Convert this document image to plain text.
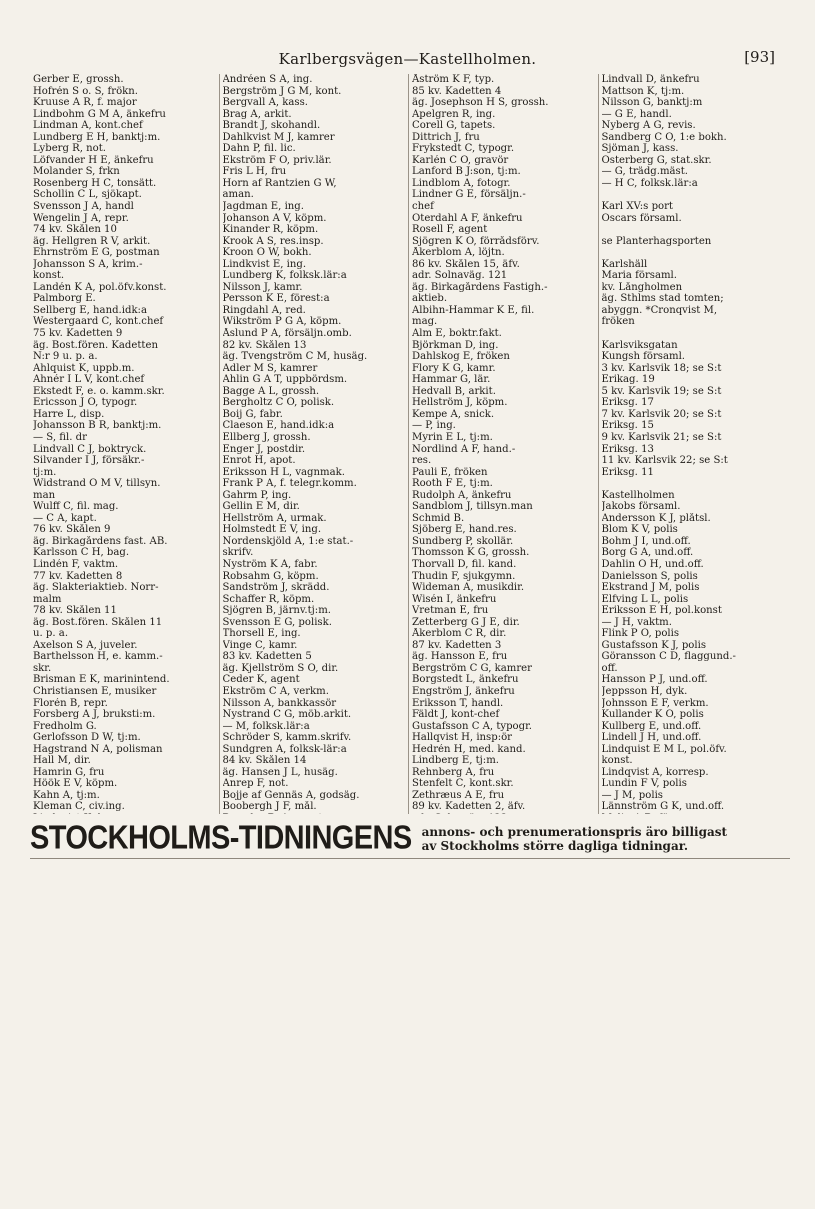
Karlbergsvägen—Kastellholmen.	[93]
Gerber E, grossh.
Hofrén S o. S, frökn.
Kruuse A R, f. major
Lindbohm G M A, änkefru
Lindman A, kont.chef
Lundberg E H, banktj:m.
Lyberg R, not.
Löfvander H E, änkefru
Molander S, frkn
Rosenberg H C, tonsätt.
Schollin C L, sjökapt.
Svensson J A, handl
Wengelin J A, repr.
74 kv. Skålen 10
äg. Hellgren R V, arkit.
Ehrnström E G, postman
Johansson S A, krim.-
konst.
Landén K A, pol.öfv.konst.
Palmborg E.
Sellberg E, hand.idk:a
Westergaard C, kont.chef
75 kv. Kadetten 9
äg. Bost.fören. Kadetten
N:r 9 u. p. a.
Ahlquist K, uppb.m.
Ahnér I L V, kont.chef
Ekstedt F, e. o. kamm.skr.
Ericsson J O, typogr.
Harre L, disp.
Johansson B R, banktj:m.
— S, fil. dr
Lindvall C J, boktryck.
Silvander I J, försäkr.-
tj:m.
Widstrand O M V, tillsyn.
man
Wulff C, fil. mag.
— C A, kapt.
76 kv. Skålen 9
äg. Birkagårdens fast. AB.
Karlsson C H, bag.
Lindén F, vaktm.
77 kv. Kadetten 8
äg. Slakteriaktieb. Norr-
malm
78 kv. Skålen 11
äg. Bost.fören. Skålen 11
u. p. a.
Axelson S A, juveler.
Barthelsson H, e. kamm.-
skr.
Brisman E K, marinintend.
Christiansen E, musiker
Florén B, repr.
Forsberg A J, bruksti:m.
Fredholm G.
Gerlofsson D W, tj:m.
Hagstrand N A, polisman
Hall M, dir.
Hamrin G, fru
Höök E V, köpm.
Kahn A, tj:m.
Kleman C, civ.ing.
Andréen S A, ing.
Bergström J G M, kont.
Bergvall A, kass.
Brag A, arkit.
Brandt J, skohandl.
Dahlkvist M J, kamrer
Dahn P, fil. lic.
Ekström F O, priv.lär.
Fris L H, fru
Horn af Rantzien G W,
aman.
Jagdman E, ing.
Johanson A V, köpm.
Kinander R, köpm.
Krook A S, res.insp.
Kroon O W, bokh.
Lindkvist E, ing.
Lundberg K, folksk.lär:a
Nilsson J, kamr.
Persson K E, förest:a
Ringdahl A, red.
Wikström P G A, köpm.
Åslund P A, försäljn.omb.
82 kv. Skålen 13
äg. Tvengström C M, husäg.
Adler M S, kamrer
Ahlin G A T, uppbördsm.
Bagge A L, grossh.
Bergholtz C O, polisk.
Boij G, fabr.
Claeson E, hand.idk:a
Ellberg J, grossh.
Enger J, postdir.
Enrot H, apot.
Eriksson H L, vagnmak.
Frank P A, f. telegr.komm.
Gahrm P, ing.
Gellin E M, dir.
Hellström A, urmak.
Holmstedt E V, ing.
Nordenskjöld A, 1:e stat.-
skrifv.
Nyström K A, fabr.
Robsahm G, köpm.
Sandström J, skrädd.
Schaffer R, köpm.
Sjögren B, järnv.tj:m.
Svensson E G, polisk.
Thorsell E, ing.
Vinge C, kamr.
83 kv. Kadetten 5
äg. Kjellström S O, dir.
Ceder K, agent
Ekström C A, verkm.
Nilsson A, bankkassör
Nystrand C G, möb.arkit.
— M, folksk.lär:a
Schröder S, kamm.skrifv.
Sundgren A, folksk-lär:a
84 kv. Skålen 14
äg. Hansen J L, husäg.
Anrep F, not.
Bojje af Gennäs A, godsäg.
Boobergh J F, mål.
Åström K F, typ.
85 kv. Kadetten 4
äg. Josephson H S, grossh.
Apelgren R, ing.
Corell G, tapets.
Dittrich J, fru
Frykstedt C, typogr.
Karlén C O, gravör
Lanford B J:son, tj:m.
Lindblom A, fotogr.
Lindner G E, försäljn.-
chef
Oterdahl A F, änkefru
Rosell F, agent
Sjögren K O, förrådsförv.
Åkerblom A, löjtn.
86 kv. Skålen 15, äfv.
adr. Solnaväg. 121
äg. Birkagårdens Fastigh.-
aktieb.
Albihn-Hammar K E, fil.
mag.
Alm E, boktr.fakt.
Björkman D, ing.
Dahlskog E, fröken
Flory K G, kamr.
Hammar G, lär.
Hedvall B, arkit.
Hellström J, köpm.
Kempe A, snick.
— P, ing.
Myrin E L, tj:m.
Nordlind A F, hand.-
res.
Pauli E, fröken
Rooth F E, tj:m.
Rudolph A, änkefru
Sandblom J, tillsyn.man
Schmid B.
Sjöberg E, hand.res.
Sundberg P, skollär.
Thomsson K G, grossh.
Thorvall D, fil. kand.
Thudin F, sjukgymn.
Wideman A, musikdir.
Wisén I, änkefru
Vretman E, fru
Zetterberg G J E, dir.
Åkerblom C R, dir.
87 kv. Kadetten 3
äg. Hansson E, fru
Bergström C G, kamrer
Borgstedt L, änkefru
Engström J, änkefru
Eriksson T, handl.
Fäldt J, kont-chef
Gustafsson C A, typogr.
Hallqvist H, insp:ör
Hedrén H, med. kand.
Lindberg E, tj:m.
Rehnberg A, fru
Stenfelt C, kont.skr.
Zethræus A E, fru
89 kv. Kadetten 2, äfv.
Lindvall D, änkefru
Mattson K, tj:m.
Nilsson G, banktj:m
— G E, handl.
Nyberg A G, revis.
Sandberg C O, 1:e bokh.
Sjöman J, kass.
Österberg G, stat.skr.
— G, trädg.mäst.
— H C, folksk.lär:a
Karl XV:s port
Oscars församl.
se Planterhagsporten
Karlshäll
Maria församl.
kv. Långholmen
äg. Sthlms stad tomten;
abyggn. *Cronqvist M,
fröken
Karlsviksgatan
Kungsh församl.
3 kv. Karlsvik 18; se S:t
Erikag. 19
5 kv. Karlsvik 19; se S:t
Eriksg. 17
7 kv. Karlsvik 20; se S:t
Eriksg. 15
9 kv. Karlsvik 21; se S:t
Eriksg. 13
11 kv. Karlsvik 22; se S:t
Eriksg. 11
Kastellholmen
Jakobs församl.
Andersson K J, plåtsl.
Blom K V, polis
Bohm J I, und.off.
Borg G A, und.off.
Dahlin O H, und.off.
Danielsson S, polis
Ekstrand J M, polis
Elfving L L, polis
Eriksson E H, pol.konst
— J H, vaktm.
Flink P O, polis
Gustafsson K J, polis
Göransson C D, flaggund.-
off.
Hansson P J, und.off.
Jeppsson H, dyk.
Johnsson E F, verkm.
Kullander K O, polis
Kullberg E, und.off.
Lindell J H, und.off.
Lindquist E M L, pol.öfv.
konst.
Lindqvist A, korresp.
Lundin F V, polis
— J M, polis
Lännström G K, und.off.
STOCKHOLMS-TIDNINGENS annons- och prenumerationspris äro billigast
av Stockholms större dagliga tidningar.
